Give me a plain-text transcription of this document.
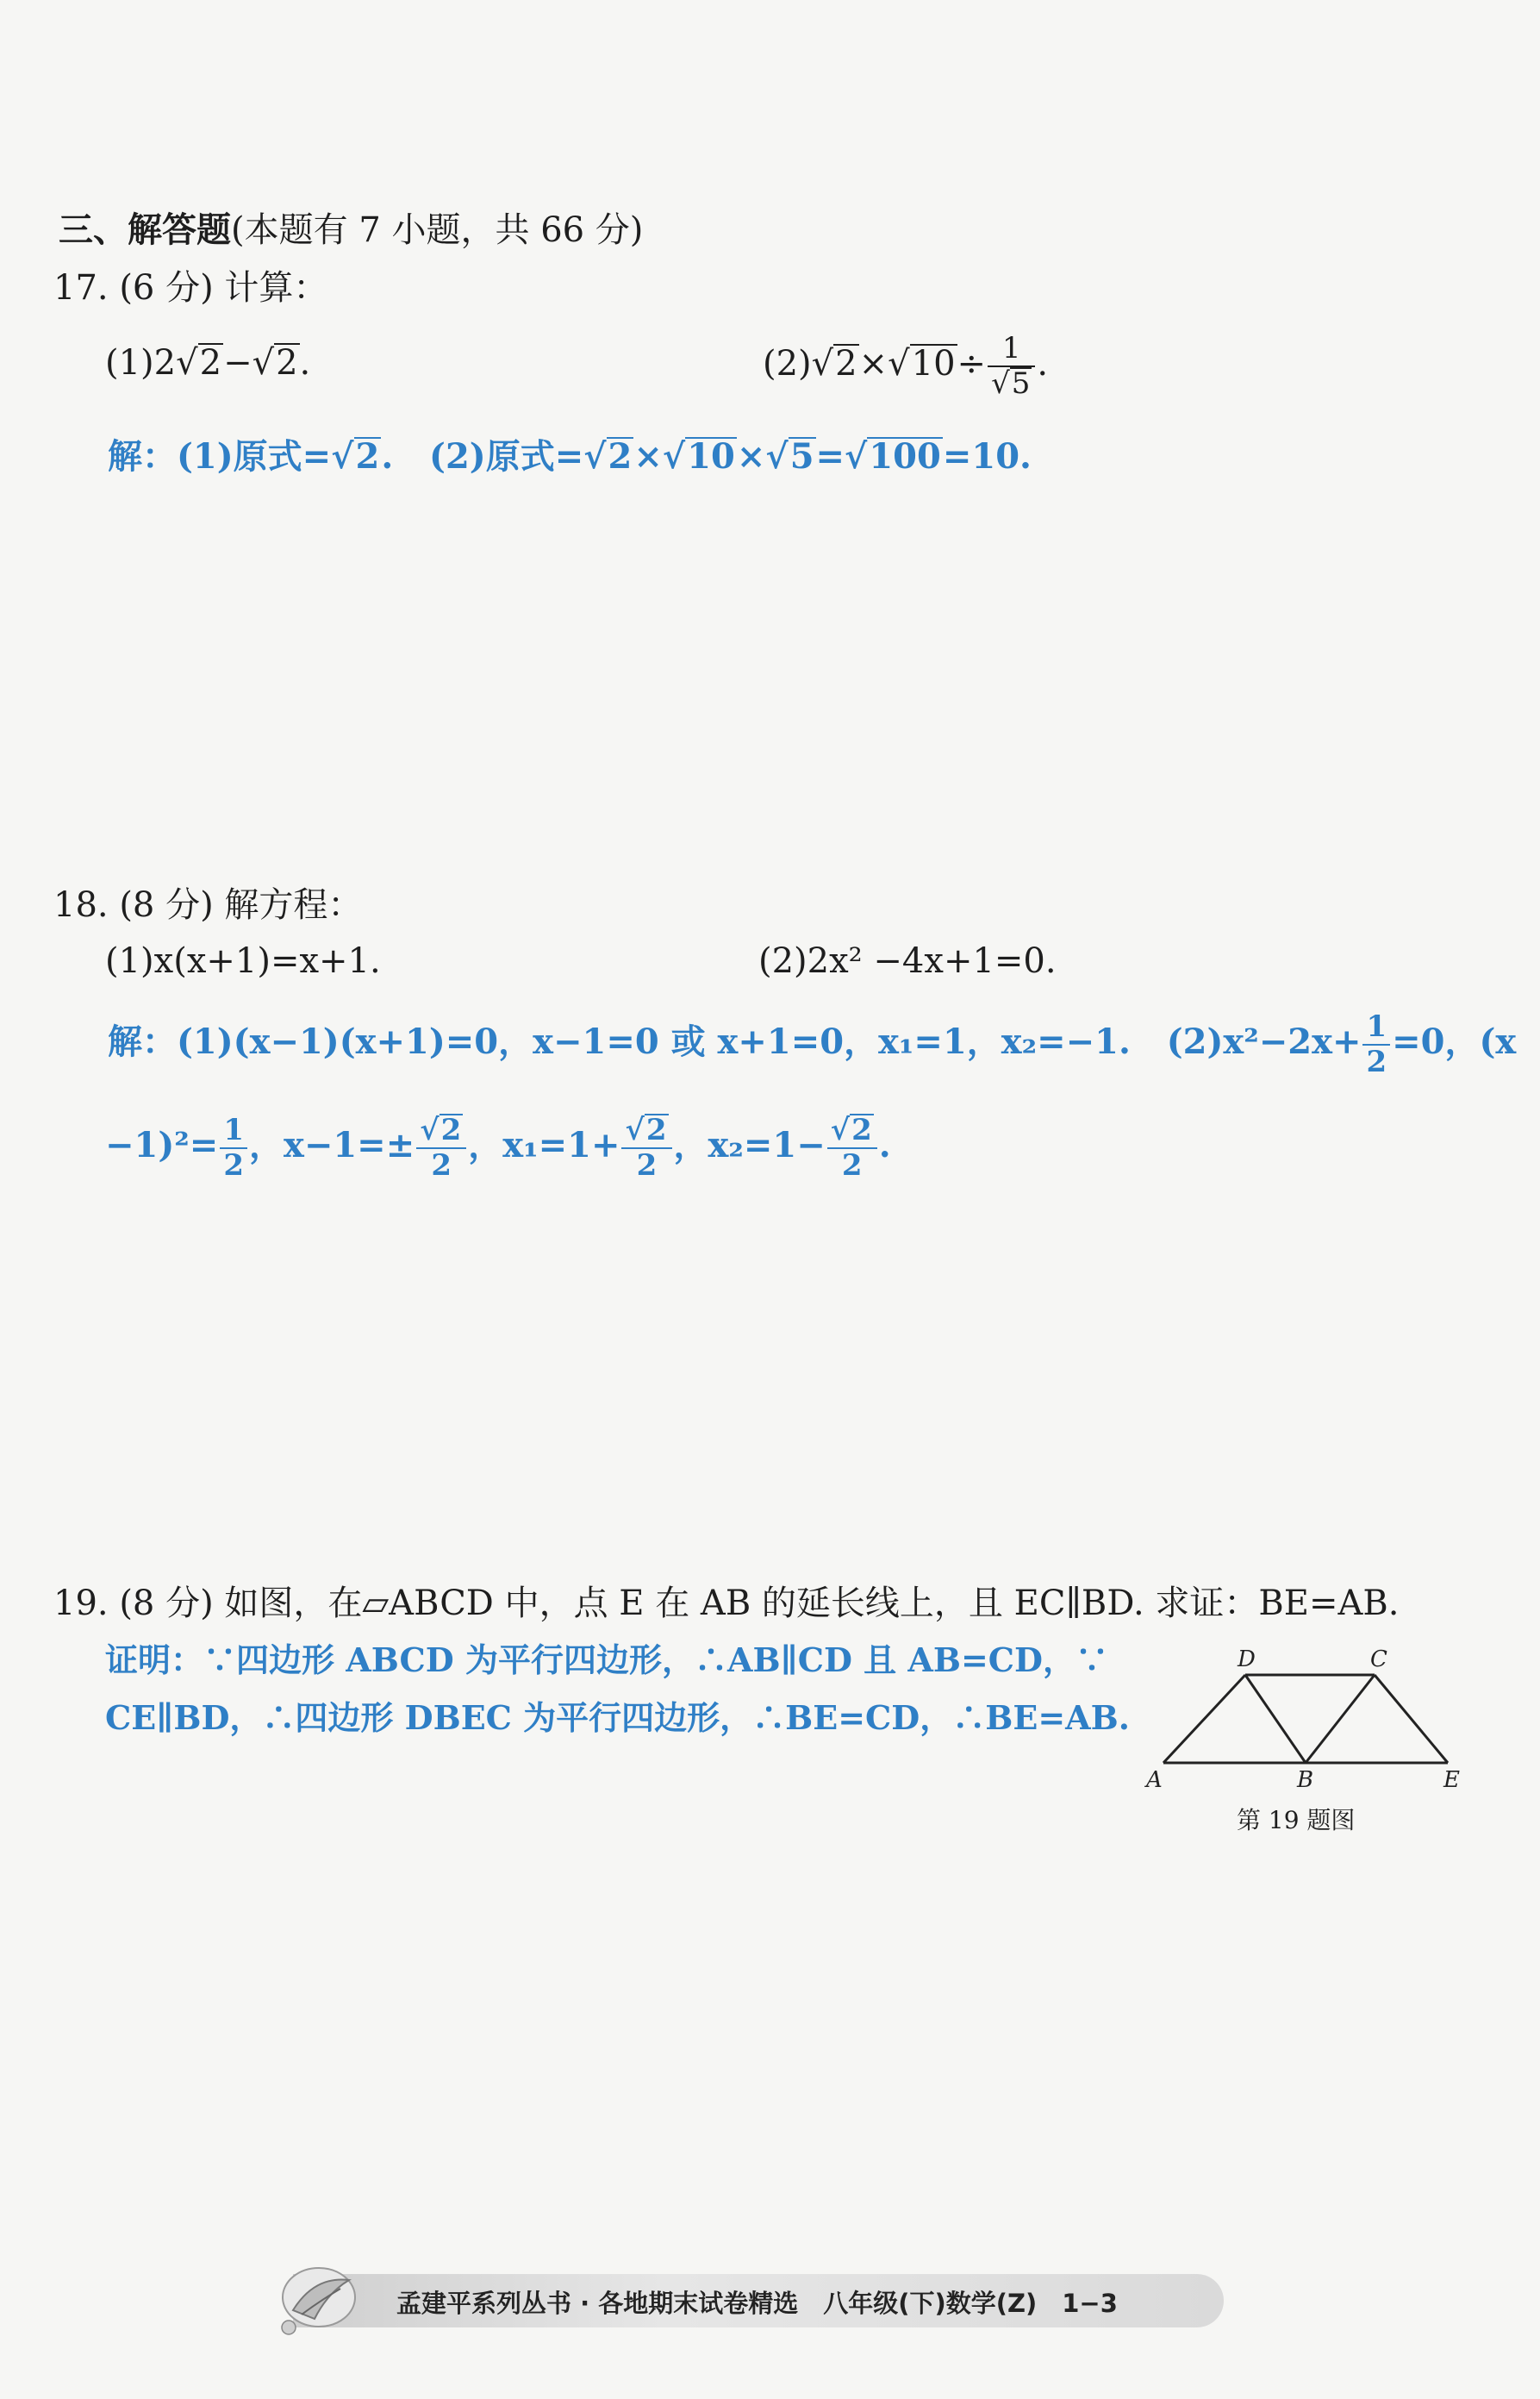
三、解答题(本题有 7 小题，共 66 分)
17. (6 分) 计算：
(1)2√2−√2.	$(2)√2\times√10\div \frac{1}{√5}$ .
解：(1)原式=√2.   (2)原式=√2×√10×√5=√100=10.
18. (8 分) 解方程：
(1)x(x+1)=x+1.	(2)2x² −4x+1=0.
解：(1)(x−1)(x+1)=0，x−1=0 或 x+1=0，x₁=1，x₂=−1. $(2)x^2-2x+ \frac{1}{2} =0$，(x
$-1)^2= \frac{1}{2}$ ，$x-1=\pm \frac{√2}{2}$ ，$x_1=1+ \frac{√2}{2}$ ，$x_2=1- \frac{√2}{2}$ .
19. (8 分) 如图，在▱ABCD 中，点 E 在 AB 的延长线上，且 EC∥BD. 求证：BE=AB.
证明：∵四边形 ABCD 为平行四边形，∴AB∥CD 且 AB=CD，∵
CE∥BD，∴四边形 DBEC 为平行四边形，∴BE=CD，∴BE=AB.
D	C
A	B	E
第 19 题图
孟建平系列丛书 · 各地期末试卷精选　八年级(下)数学(Z)　1−3
